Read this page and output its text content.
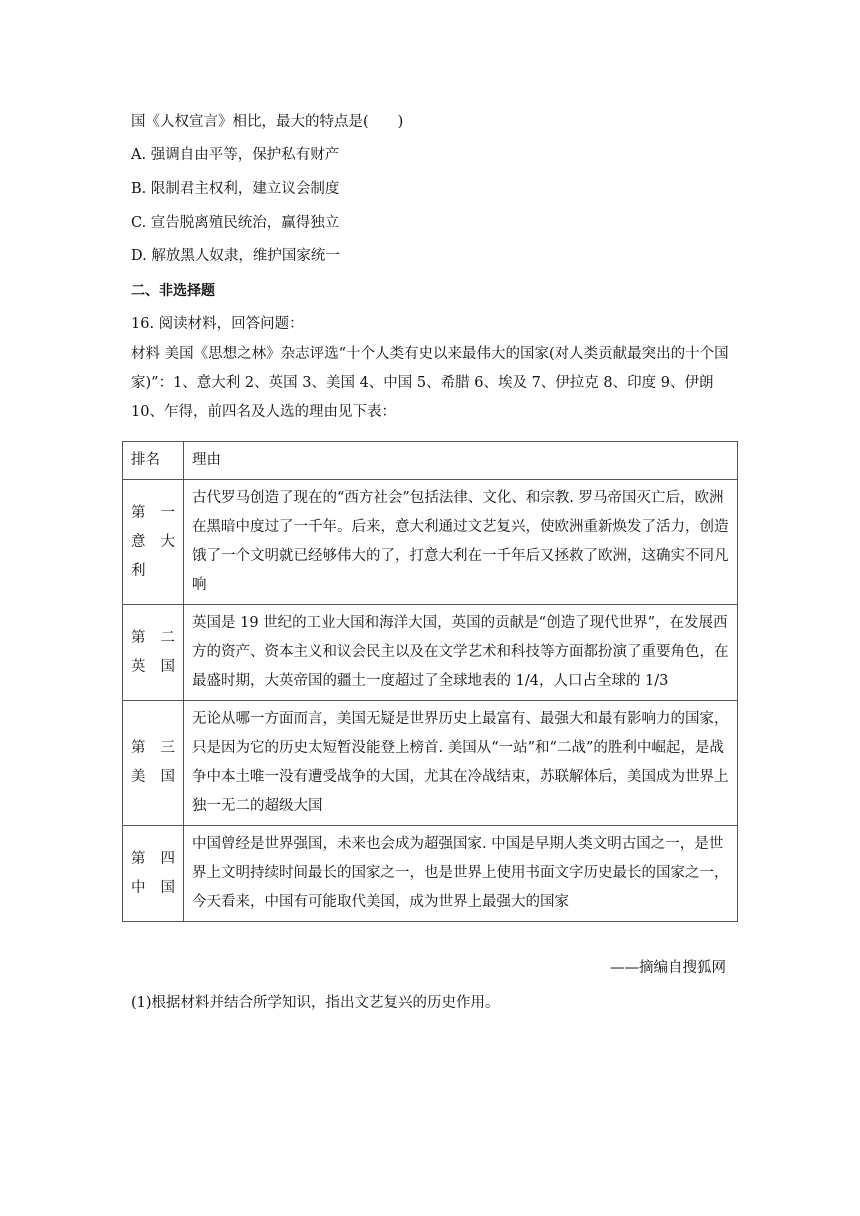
国《人权宣言》相比，最大的特点是(　　)
A. 强调自由平等，保护私有财产
B. 限制君主权利，建立议会制度
C. 宣告脱离殖民统治，赢得独立
D. 解放黑人奴隶，维护国家统一
二、非选择题
16. 阅读材料，回答问题：
材料 美国《思想之林》杂志评选“十个人类有史以来最伟大的国家(对人类贡献最突出的十个国家)”：1、意大利 2、英国 3、美国 4、中国 5、希腊 6、埃及 7、伊拉克 8、印度 9、伊朗 10、乍得，前四名及人选的理由见下表：
排名	理由

第一
意大
利	古代罗马创造了现在的“西方社会”包括法律、文化、和宗教. 罗马帝国灭亡后，欧洲在黑暗中度过了一千年。后来，意大利通过文艺复兴，使欧洲重新焕发了活力，创造饿了一个文明就已经够伟大的了，打意大利在一千年后又拯救了欧洲，这确实不同凡响

第二
英国	英国是 19 世纪的工业大国和海洋大国，英国的贡献是“创造了现代世界”，在发展西方的资产、资本主义和议会民主以及在文学艺术和科技等方面都扮演了重要角色，在最盛时期，大英帝国的疆土一度超过了全球地表的 1/4，人口占全球的 1/3

第三
美国	无论从哪一方面而言，美国无疑是世界历史上最富有、最强大和最有影响力的国家，只是因为它的历史太短暂没能登上榜首. 美国从“一站”和“二战”的胜利中崛起，是战争中本土唯一没有遭受战争的大国，尤其在冷战结束，苏联解体后，美国成为世界上独一无二的超级大国

第四
中国	中国曾经是世界强国，未来也会成为超强国家. 中国是早期人类文明古国之一，是世界上文明持续时间最长的国家之一，也是世界上使用书面文字历史最长的国家之一，今天看来，中国有可能取代美国，成为世界上最强大的国家
——摘编自搜狐网
(1)根据材料并结合所学知识，指出文艺复兴的历史作用。
